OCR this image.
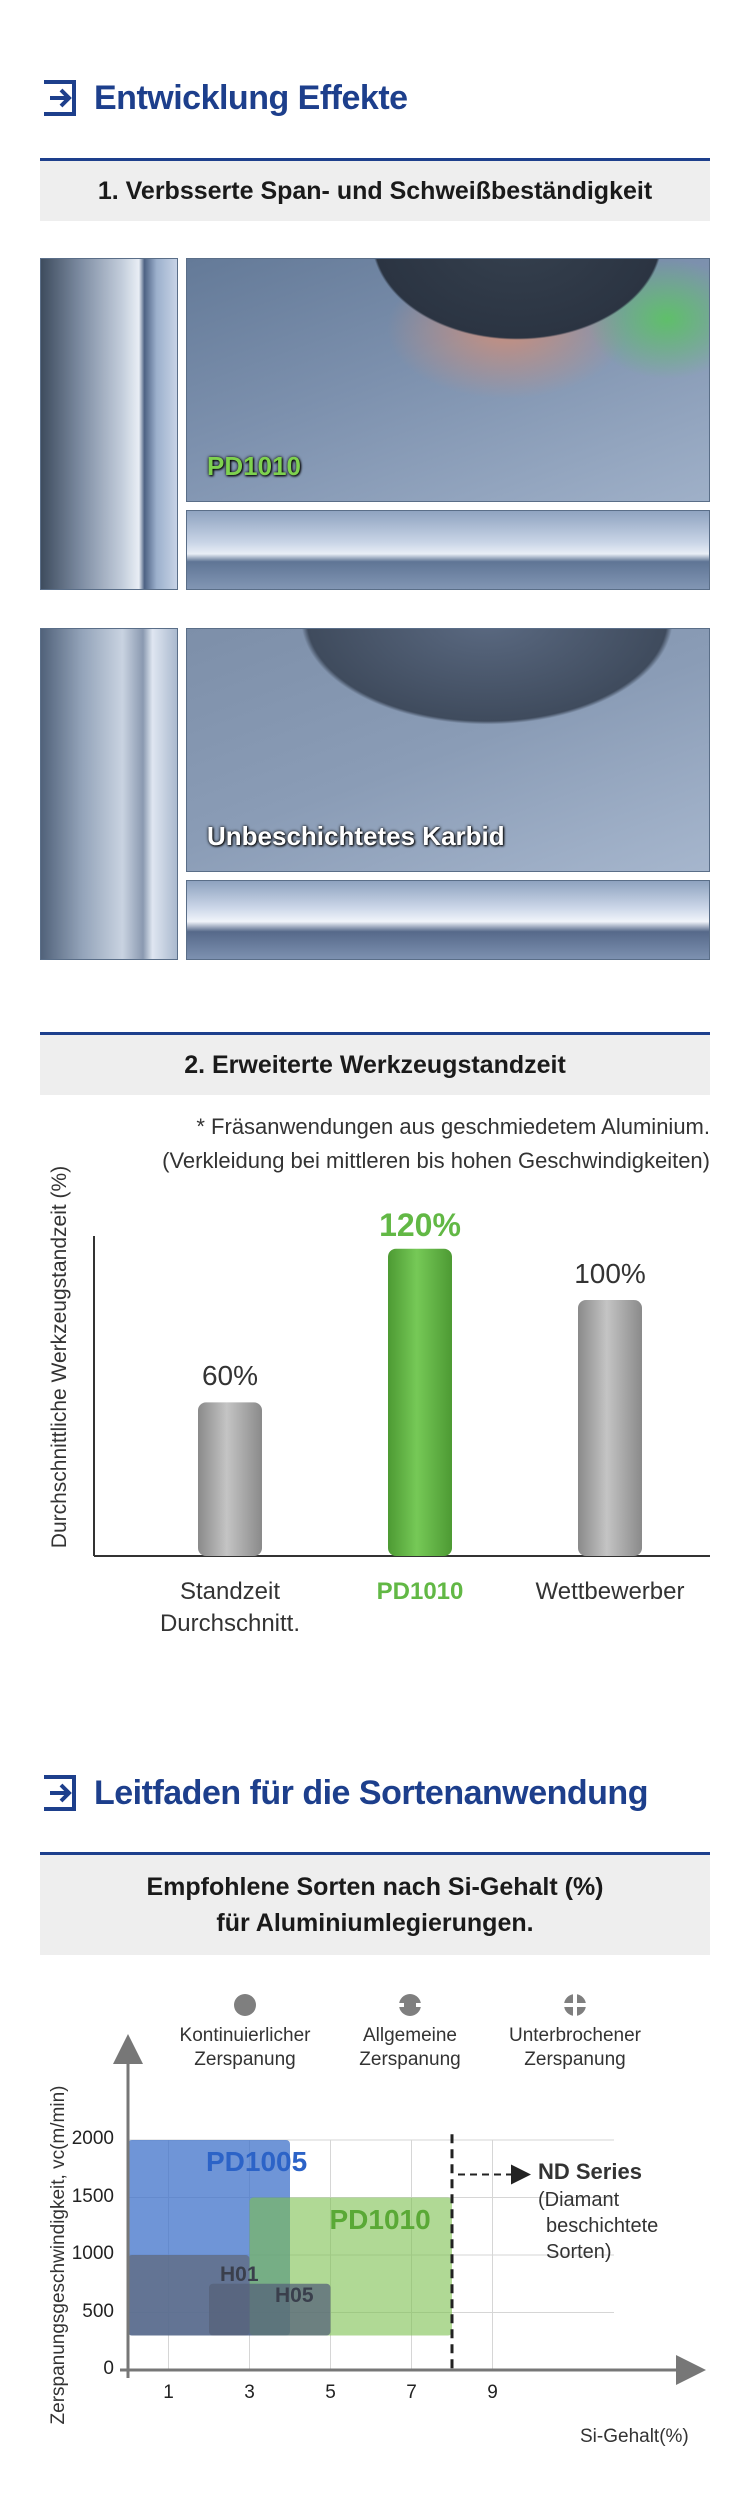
Entwicklung Effekte
1. Verbsserte Span- und Schweißbeständigkeit
PD1010
Unbeschichtetes Karbid
2. Erweiterte Werkzeugstandzeit
* Fräsanwendungen aus geschmiedetem Aluminium.
(Verkleidung bei mittleren bis hohen Geschwindigkeiten)
Durchschnittliche Werkzeugstandzeit (%)	60%
Standzeit
Durchschnitt.
120%
PD1010
100%
Wettbewerber
Leitfaden für die Sortenanwendung
Empfohlene Sorten nach Si-Gehalt (%)
für Aluminiumlegierungen.
Kontinuierlicher
Zerspanung
Allgemeine
Zerspanung
Unterbrochener
Zerspanung
Zerspanungsgeschwindigkeit, vc(m/min)	1	3	5	7	9
0
500
1000
1500
2000
Si-Gehalt(%)
PD1005
PD1010
H01
H05
ND Series
(Diamant
beschichtete
Sorten)
